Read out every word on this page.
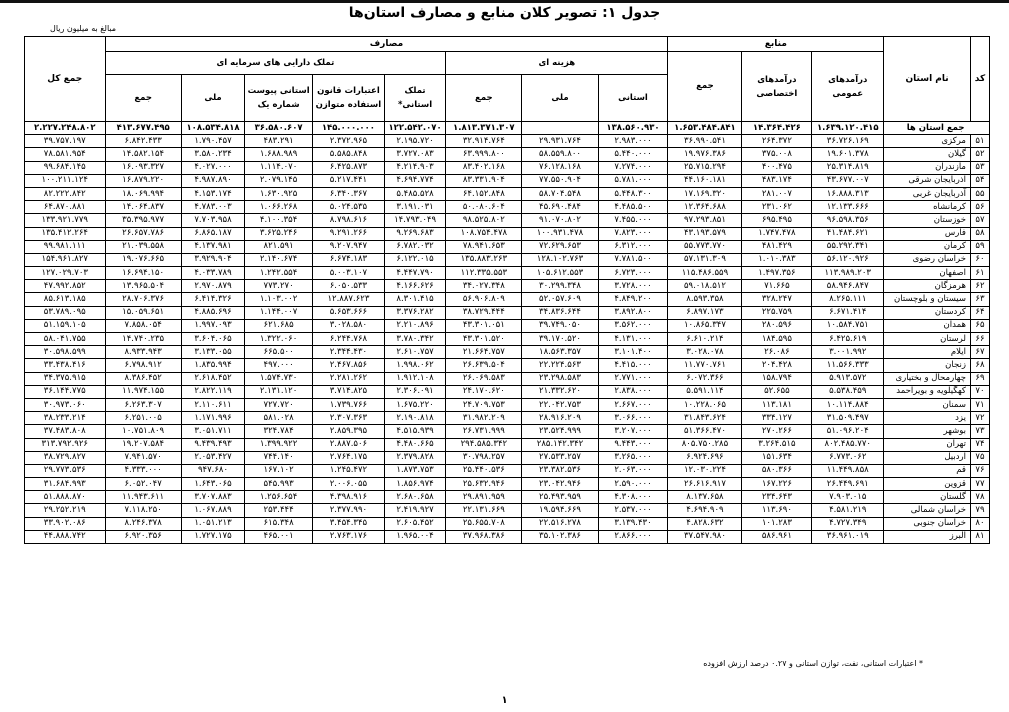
جدول ۱: تصویر کلان منابع و مصارف استان‌ها
مبالغ به میلیون ریال
کد	نام استان	منابع			مصارف								جمع کل
		درآمدهای عمومی	درآمدهای اختصاصی	جمع	هزینه ای			تملک دارایی های سرمایه ای					
					استانی	ملی	جمع	تملک استانی*	اعتبارات قانون استفاده متوازن	استانی پیوست شماره یک	ملی	جمع	
جمع استان ها		۱.۶۳۹.۱۲۰.۴۱۵	۱۴.۳۶۴.۴۲۶	۱.۶۵۳.۴۸۴.۸۴۱	۱۳۸.۵۶۰.۹۳۰		۱.۸۱۳.۳۷۱.۳۰۷	۱۲۲.۵۴۲.۰۷۰	۱۴۵.۰۰۰.۰۰۰	۳۶.۵۸۰.۶۰۷	۱۰۸.۵۳۴.۸۱۸	۴۱۳.۶۷۷.۴۹۵	۲.۲۲۷.۲۴۸.۸۰۲
۵۱	مرکزی	۳۶.۷۲۶.۱۶۹	۲۶۴.۳۷۲	۳۶.۹۹۰.۵۴۱	۲.۹۸۳.۰۰۰	۲۹.۹۳۱.۷۶۴	۳۲.۹۱۴.۷۶۴	۲.۱۹۵.۷۲۰	۲.۳۷۲.۹۶۵	۴۸۳.۲۹۱	۱.۷۹۰.۴۵۷	۶.۸۴۲.۴۳۳	۳۹.۷۵۷.۱۹۷
۵۲	گیلان	۱۹.۶۰۱.۳۷۸	۳۷۵.۰۰۸	۱۹.۹۷۶.۳۸۶	۵.۴۴۰.۰۰۰	۵۸.۵۵۹.۸۰۰	۶۳.۹۹۹.۸۰۰	۳.۷۲۷.۰۸۳	۵.۵۸۵.۸۴۸	۱.۶۸۸.۹۸۹	۳.۵۸۰.۲۳۴	۱۴.۵۸۲.۱۵۴	۷۸.۵۸۱.۹۵۴
۵۳	مازندران	۲۵.۳۱۴.۸۱۹	۴۰۰.۴۷۵	۲۵.۷۱۵.۲۹۴	۷.۲۷۴.۰۰۰	۷۶.۱۲۸.۱۶۸	۸۳.۴۰۲.۱۶۸	۴.۲۱۴.۹۰۳	۶.۴۲۵.۸۷۳	۱.۱۱۴.۰۷۰	۴.۰۲۷.۰۰۰	۱۶.۰۹۳.۳۲۷	۹۹.۶۸۴.۱۴۵
۵۴	آذربایجان شرقی	۴۳.۶۷۷.۰۰۷	۴۸۳.۱۷۴	۴۴.۱۶۰.۱۸۱	۵.۷۸۱.۰۰۰	۷۷.۵۵۰.۹۰۴	۸۳.۳۳۱.۹۰۴	۴.۶۹۴.۷۷۴	۵.۲۱۷.۴۴۱	۲.۰۷۹.۱۴۵	۴.۹۸۷.۸۹۰	۱۶.۸۷۹.۲۲۰	۱۰۰.۲۱۱.۱۲۴
۵۵	آذربایجان غربی	۱۶.۸۸۸.۳۱۳	۲۸۱.۰۰۷	۱۷.۱۶۹.۳۲۰	۵.۴۴۸.۳۰۰	۵۸.۷۰۴.۵۴۸	۶۴.۱۵۲.۸۴۸	۵.۴۸۵.۵۲۸	۶.۳۴۰.۳۶۷	۱.۶۳۰.۹۲۵	۴.۱۵۳.۱۷۴	۱۸.۰۶۹.۹۹۴	۸۲.۲۲۲.۸۴۲
۵۶	کرمانشاه	۱۲.۱۳۳.۶۶۶	۲۳۱.۰۶۲	۱۲.۳۶۴.۶۸۸	۴.۴۸۵.۵۰۰	۴۵.۶۹۰.۴۸۴	۵۰.۰۸۰.۶۰۴	۳.۱۹۱.۰۳۱	۵.۰۲۴.۵۳۵	۱.۰۶۶.۲۶۸	۴.۷۸۳.۰۰۳	۱۴.۰۶۴.۸۳۷	۶۴.۸۷۰.۸۸۱
۵۷	خوزستان	۹۶.۵۹۸.۳۵۶	۶۹۵.۴۹۵	۹۷.۲۹۳.۸۵۱	۷.۴۵۵.۰۰۰	۹۱.۰۷۰.۸۰۲	۹۸.۵۲۵.۸۰۲	۱۴.۷۹۳.۰۴۹	۸.۷۹۸.۶۱۶	۴.۱۰۰.۳۵۴	۷.۷۰۳.۹۵۸	۳۵.۳۹۵.۹۷۷	۱۳۳.۹۲۱.۷۷۹
۵۸	فارس	۴۱.۴۸۴.۶۲۱	۱.۷۴۷.۴۷۸	۴۳.۱۹۳.۵۷۹	۷.۸۲۳.۰۰۰	۱۰۰.۹۳۱.۴۷۸	۱۰۸.۷۵۴.۴۷۸	۹.۲۶۹.۶۸۳	۹.۲۹۱.۲۶۶	۳.۶۲۵.۲۴۶	۶.۸۶۵.۱۸۷	۲۶.۶۵۷.۷۸۶	۱۳۵.۴۱۲.۲۶۴
۵۹	کرمان	۵۵.۲۹۲.۳۴۱	۴۸۱.۴۲۹	۵۵.۷۷۳.۷۷۰	۶.۳۱۲.۰۰۰	۷۲.۶۲۹.۶۵۳	۷۸.۹۴۱.۶۵۳	۶.۷۸۲.۰۳۲	۹.۲۰۷.۹۴۷	۸۲۱.۵۹۱	۴.۱۳۷.۹۸۱	۲۱.۰۳۹.۵۵۸	۹۹.۹۸۱.۱۱۱
۶۰	خراسان رضوی	۵۶.۱۲۰.۹۲۶	۱.۰۱۰.۳۸۳	۵۷.۱۳۱.۳۰۹	۷.۷۸۱.۵۰۰	۱۲۸.۱۰۲.۷۶۳	۱۳۵.۸۸۳.۲۶۳	۶.۱۲۲.۰۱۵	۶.۶۷۴.۱۸۳	۲.۱۴۰.۶۷۴	۳.۹۲۹.۹۰۴	۱۹.۰۷۶.۶۶۵	۱۵۴.۹۶۱.۸۲۷
۶۱	اصفهان	۱۱۳.۹۸۹.۲۰۳	۱.۴۹۷.۳۵۶	۱۱۵.۴۸۶.۵۵۹	۶.۷۲۳.۰۰۰	۱۰۵.۶۱۲.۵۵۳	۱۱۲.۳۳۵.۵۵۳	۴.۴۴۷.۷۹۰	۵.۰۰۳.۱۰۷	۱.۲۴۲.۵۵۴	۴.۰۳۳.۷۸۹	۱۶.۶۹۴.۱۵۰	۱۲۷.۰۲۹.۷۰۳
۶۲	هرمزگان	۵۸.۹۴۶.۸۴۷	۷۱.۶۶۵	۵۹.۰۱۸.۵۱۲	۳.۷۲۸.۰۰۰	۳۰.۲۹۹.۳۴۸	۳۴.۰۲۷.۳۴۸	۴.۱۶۶.۶۲۶	۶.۰۵۰.۵۳۳	۷۷۳.۲۷۰	۲.۹۷۰.۸۷۹	۱۳.۹۶۵.۵۰۴	۴۷.۹۹۲.۸۵۲
۶۳	سیستان و بلوچستان	۸.۲۶۵.۱۱۱	۳۲۸.۲۴۷	۸.۵۹۳.۳۵۸	۴.۸۴۹.۲۰۰	۵۲.۰۵۷.۶۰۹	۵۶.۹۰۶.۸۰۹	۸.۳۰۱.۴۱۵	۱۲.۸۸۷.۶۲۳	۱.۱۰۳.۰۰۲	۶.۴۱۴.۳۲۶	۲۸.۷۰۶.۳۷۶	۸۵.۶۱۳.۱۸۵
۶۴	کردستان	۶.۶۷۱.۴۱۴	۲۲۵.۷۵۹	۶.۸۹۷.۱۷۳	۳.۸۹۲.۸۰۰	۳۴.۸۳۶.۶۴۴	۳۸.۷۲۹.۴۴۴	۳.۳۷۶.۲۸۲	۵.۶۵۳.۶۶۶	۱.۱۴۴.۰۰۷	۴.۸۸۵.۶۹۶	۱۵.۰۵۹.۶۵۱	۵۳.۷۸۹.۰۹۵
۶۵	همدان	۱۰.۵۸۴.۷۵۱	۲۸۰.۵۹۶	۱۰.۸۶۵.۳۴۷	۳.۵۶۲.۰۰۰	۳۹.۷۴۹.۰۵۰	۴۳.۳۰۱.۰۵۱	۲.۲۱۰.۸۹۶	۳.۰۲۸.۵۸۰	۶۲۱.۶۸۵	۱.۹۹۷.۰۹۳	۷.۸۵۸.۰۵۴	۵۱.۱۵۹.۱۰۵
۶۶	لرستان	۶.۴۲۵.۶۱۹	۱۸۴.۵۹۵	۶.۶۱۰.۲۱۴	۴.۱۳۱.۰۰۰	۳۹.۱۷۰.۵۲۰	۴۳.۳۰۱.۵۲۰	۳.۷۸۰.۳۴۲	۶.۲۴۴.۷۶۸	۱.۳۲۲.۰۶۰	۳.۶۰۴.۰۶۵	۱۴.۷۴۰.۲۳۵	۵۸.۰۴۱.۷۵۵
۶۷	ایلام	۳.۰۰۱.۹۹۲	۲۶.۰۸۶	۳.۰۲۸.۰۷۸	۳.۱۰۱.۴۰۰	۱۸.۵۶۳.۳۵۷	۲۱.۶۶۴.۷۵۷	۲.۶۱۰.۷۵۷	۲.۳۴۴.۴۳۰	۶۶۵.۵۰۰	۳.۱۳۳.۰۵۵	۸.۹۳۳.۹۴۳	۳۰.۵۹۸.۵۹۹
۶۸	زنجان	۱۱.۵۶۶.۳۳۳	۲۰۴.۴۲۸	۱۱.۷۷۰.۷۶۱	۴.۴۱۵.۰۰۰	۲۲.۲۲۴.۵۶۳	۲۶.۶۳۹.۵۰۴	۱.۹۹۸.۰۶۲	۲.۴۶۷.۸۵۶	۴۹۷.۰۰۰	۱.۸۳۵.۹۹۴	۶.۷۹۸.۹۱۲	۳۳.۴۳۸.۴۱۶
۶۹	چهارمحال و بختیاری	۵.۹۱۳.۵۷۲	۱۵۸.۷۹۴	۶.۰۷۲.۳۶۶	۲.۷۷۱.۰۰۰	۲۳.۲۹۸.۵۸۳	۲۶.۰۶۹.۵۸۳	۱.۹۱۲.۱۰۸	۲.۲۸۱.۲۶۲	۱.۵۷۴.۷۳۰	۲.۶۱۸.۴۵۲	۸.۳۸۶.۴۵۲	۳۴.۳۷۵.۹۱۵
۷۰	کهگیلویه و بویراحمد	۵.۵۳۸.۴۵۹	۵۲.۶۵۵	۵.۵۹۱.۱۱۴	۲.۸۳۸.۰۰۰	۲۱.۳۳۲.۶۲۰	۲۴.۱۷۰.۶۲۰	۲.۳۰۶.۰۹۱	۳.۷۱۴.۸۲۵	۲.۱۳۱.۱۲۰	۲.۸۲۲.۱۱۹	۱۱.۹۷۴.۱۵۵	۳۶.۱۴۴.۷۷۵
۷۱	سمنان	۱۰.۱۱۴.۸۸۴	۱۱۳.۱۸۱	۱۰.۲۲۸.۰۶۵	۲.۶۶۷.۰۰۰	۲۲.۰۴۲.۷۵۳	۲۴.۷۰۹.۷۵۳	۱.۶۷۵.۲۲۰	۱.۷۳۹.۷۶۶	۷۲۷.۷۲۰	۲.۱۱۰.۶۱۱	۶.۲۶۳.۳۰۷	۳۰.۹۷۳.۰۶۰
۷۲	یزد	۳۱.۵۰۹.۴۹۷	۳۳۴.۱۲۷	۳۱.۸۴۳.۶۲۴	۳.۰۶۶.۰۰۰	۲۸.۹۱۶.۲۰۹	۳۱.۹۸۲.۲۰۹	۲.۱۹۰.۸۱۸	۲.۳۰۷.۳۶۳	۵۸۱.۰۲۸	۱.۱۷۱.۹۹۶	۶.۲۵۱.۰۰۵	۳۸.۲۳۳.۲۱۴
۷۳	بوشهر	۵۱.۰۹۶.۲۰۴	۲۷۰.۲۶۶	۵۱.۳۶۶.۴۷۰	۳.۲۰۷.۰۰۰	۲۳.۵۲۴.۹۹۹	۲۶.۷۳۱.۹۹۹	۴.۵۱۵.۹۳۹	۲.۸۵۹.۳۹۵	۳۲۴.۷۸۴	۳.۰۵۱.۷۱۱	۱۰.۷۵۱.۸۰۹	۳۷.۴۸۳.۸۰۸
۷۴	تهران	۸۰۲.۴۸۵.۷۷۰	۳.۲۶۴.۵۱۵	۸۰۵.۷۵۰.۲۸۵	۹.۴۴۳.۰۰۰	۲۸۵.۱۴۲.۳۴۲	۲۹۴.۵۸۵.۳۴۲	۴.۴۸۰.۶۶۵	۲.۸۸۷.۵۰۶	۱.۳۹۹.۹۲۲	۹.۴۳۹.۴۹۳	۱۹.۲۰۷.۵۸۴	۳۱۳.۷۹۲.۹۲۶
۷۵	اردبیل	۶.۷۷۳.۰۶۲	۱۵۱.۶۳۴	۶.۹۲۴.۶۹۶	۳.۲۶۵.۰۰۰	۲۷.۵۳۳.۲۵۷	۳۰.۷۹۸.۲۵۷	۲.۳۷۹.۸۲۸	۲.۷۶۴.۱۷۵	۷۴۴.۱۴۰	۲.۰۵۳.۴۲۷	۷.۹۴۱.۵۷۰	۳۸.۷۲۹.۸۲۷
۷۶	قم	۱۱.۴۴۹.۸۵۸	۵۸۰.۳۶۶	۱۲.۰۳۰.۲۲۴	۲.۰۶۳.۰۰۰	۲۳.۳۸۲.۵۳۶	۲۵.۴۴۰.۵۳۶	۱.۸۷۳.۷۵۳	۱.۲۴۵.۴۷۲	۱۶۷.۱۰۲	۹۴۷.۶۸۰	۴.۳۳۳.۰۰۰	۲۹.۷۷۳.۵۳۶
۷۷	قزوین	۲۶.۴۴۹.۶۹۱	۱۶۷.۲۲۶	۲۶.۶۱۶.۹۱۷	۲.۵۹۰.۰۰۰	۲۳.۰۴۲.۹۴۶	۲۵.۶۳۲.۹۴۶	۱.۸۵۶.۹۷۴	۲.۰۰۶.۰۵۵	۵۴۵.۹۹۳	۱.۶۴۳.۰۶۵	۶.۰۵۲.۰۴۷	۳۱.۶۸۴.۹۹۳
۷۸	گلستان	۷.۹۰۳.۰۱۵	۲۳۴.۶۴۳	۸.۱۳۷.۶۵۸	۴.۳۰۸.۰۰۰	۲۵.۴۹۳.۹۵۹	۲۹.۸۹۱.۹۵۹	۲.۶۸۰.۶۵۸	۴.۳۹۸.۹۱۶	۱.۲۵۶.۶۵۴	۳.۷۰۷.۸۸۳	۱۱.۹۴۳.۶۱۱	۵۱.۸۸۸.۸۷۰
۷۹	خراسان شمالی	۴.۵۸۱.۲۱۹	۱۱۳.۶۹۰	۴.۶۹۴.۹۰۹	۲.۵۳۷.۰۰۰	۱۹.۵۹۴.۶۶۹	۲۲.۱۳۱.۶۶۹	۲.۴۱۹.۹۲۷	۲.۳۷۷.۹۹۰	۲۵۳.۴۴۴	۱.۰۶۷.۸۸۹	۷.۱۱۸.۲۵۰	۲۹.۲۵۲.۲۱۹
۸۰	خراسان جنوبی	۴.۷۲۷.۳۴۹	۱۰۱.۲۸۳	۴.۸۲۸.۶۳۲	۳.۱۳۹.۴۳۰	۲۲.۵۱۶.۲۷۸	۲۵.۶۵۵.۷۰۸	۲.۶۰۵.۴۵۲	۳.۴۵۴.۳۴۵	۶۱۵.۳۴۸	۱.۰۵۱.۲۱۳	۸.۲۴۶.۳۷۸	۳۳.۹۰۲.۰۸۶
۸۱	البرز	۳۶.۹۶۱.۰۱۹	۵۸۶.۹۶۱	۳۷.۵۴۷.۹۸۰	۲.۸۶۶.۰۰۰	۳۵.۱۰۲.۳۸۶	۳۷.۹۶۸.۳۸۶	۱.۹۶۵.۰۰۴	۲.۷۶۳.۱۷۶	۴۶۵.۰۰۱	۱.۷۲۷.۱۷۵	۶.۹۲۰.۳۵۶	۴۴.۸۸۸.۷۴۲
* اعتبارات استانی، نفت، توازن استانی و ۰.۲۷ درصد ارزش افزوده
۱
